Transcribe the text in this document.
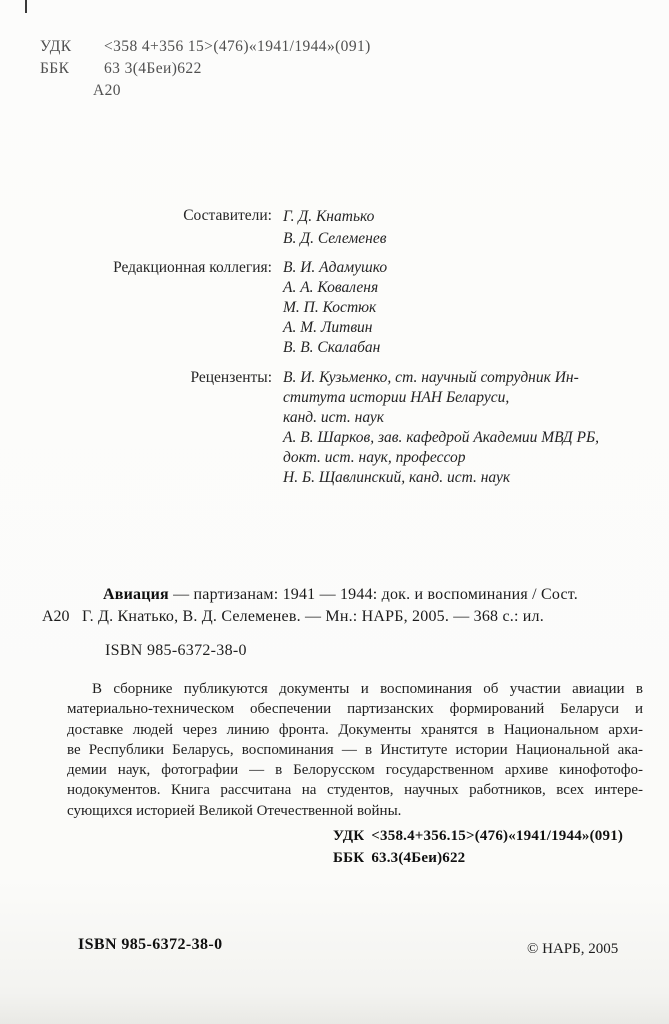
УДК <358 4+356 15>(476)«1941/1944»(091)
ББК 63 3(4Беи)622
А20
Составители: Г. Д. Кнатько
В. Д. Селеменев
Редакционная коллегия: В. И. Адамушко
А. А. Коваленя
М. П. Костюк
А. М. Литвин
В. В. Скалабан
Рецензенты: В. И. Кузьменко, ст. научный сотрудник Ин-
ститута истории НАН Беларуси,
канд. ист. наук
А. В. Шарков, зав. кафедрой Академии МВД РБ,
докт. ист. наук, профессор
Н. Б. Щавлинский, канд. ист. наук
Авиация — партизанам: 1941 — 1944: док. и воспоминания / Сост.
А20 Г. Д. Кнатько, В. Д. Селеменев. — Мн.: НАРБ, 2005. — 368 с.: ил.
ISBN 985-6372-38-0
В сборнике публикуются документы и воспоминания об участии авиации в
материально-техническом обеспечении партизанских формирований Беларуси и
доставке людей через линию фронта. Документы хранятся в Национальном архи-
ве Республики Беларусь, воспоминания — в Институте истории Национальной ака-
демии наук, фотографии — в Белорусском государственном архиве кинофотофо-
нодокументов. Книга рассчитана на студентов, научных работников, всех интере-
сующихся историей Великой Отечественной войны.
УДК <358.4+356.15>(476)«1941/1944»(091)
ББК 63.3(4Беи)622
ISBN 985-6372-38-0	© НАРБ, 2005
